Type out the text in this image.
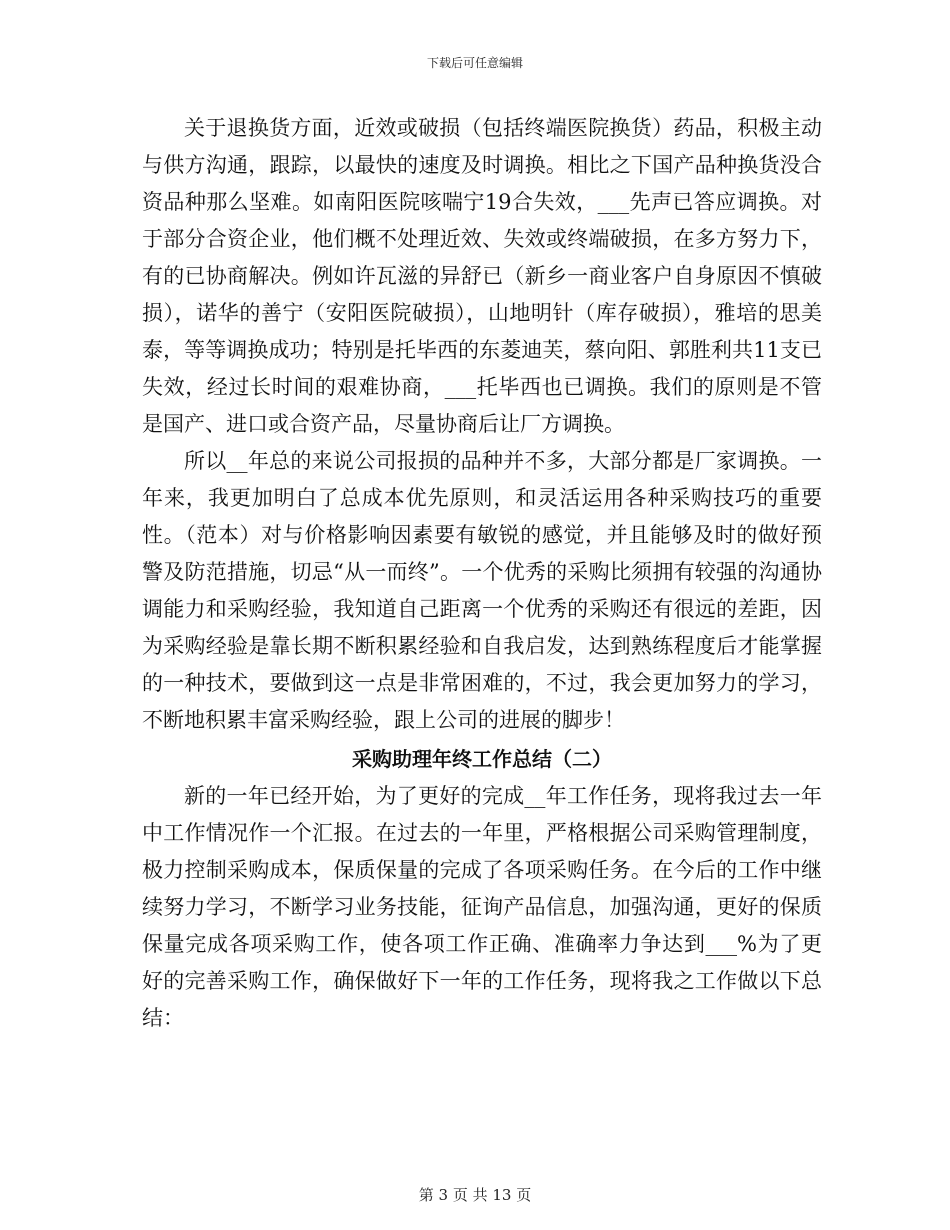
下载后可任意编辑

关于退换货方面，近效或破损（包括终端医院换货）药品，积极主动与供方沟通，跟踪，以最快的速度及时调换。相比之下国产品种换货没合资品种那么坚难。如南阳医院咳喘宁19合失效，___先声已答应调换。对于部分合资企业，他们概不处理近效、失效或终端破损，在多方努力下，有的已协商解决。例如许瓦滋的异舒已（新乡一商业客户自身原因不慎破损），诺华的善宁（安阳医院破损），山地明针（库存破损），雅培的思美泰，等等调换成功；特别是托毕西的东菱迪芙，蔡向阳、郭胜利共11支已失效，经过长时间的艰难协商，___托毕西也已调换。我们的原则是不管是国产、进口或合资产品，尽量协商后让厂方调换。

所以__年总的来说公司报损的品种并不多，大部分都是厂家调换。一年来，我更加明白了总成本优先原则，和灵活运用各种采购技巧的重要性。（范本）对与价格影响因素要有敏锐的感觉，并且能够及时的做好预警及防范措施，切忌“从一而终”。一个优秀的采购比须拥有较强的沟通协调能力和采购经验，我知道自己距离一个优秀的采购还有很远的差距，因为采购经验是靠长期不断积累经验和自我启发，达到熟练程度后才能掌握的一种技术，要做到这一点是非常困难的，不过，我会更加努力的学习，不断地积累丰富采购经验，跟上公司的进展的脚步！

采购助理年终工作总结（二）

新的一年已经开始，为了更好的完成__年工作任务，现将我过去一年中工作情况作一个汇报。在过去的一年里，严格根据公司采购管理制度，极力控制采购成本，保质保量的完成了各项采购任务。在今后的工作中继续努力学习，不断学习业务技能，征询产品信息，加强沟通，更好的保质保量完成各项采购工作，使各项工作正确、准确率力争达到___%为了更好的完善采购工作，确保做好下一年的工作任务，现将我之工作做以下总结：

第 3 页 共 13 页
